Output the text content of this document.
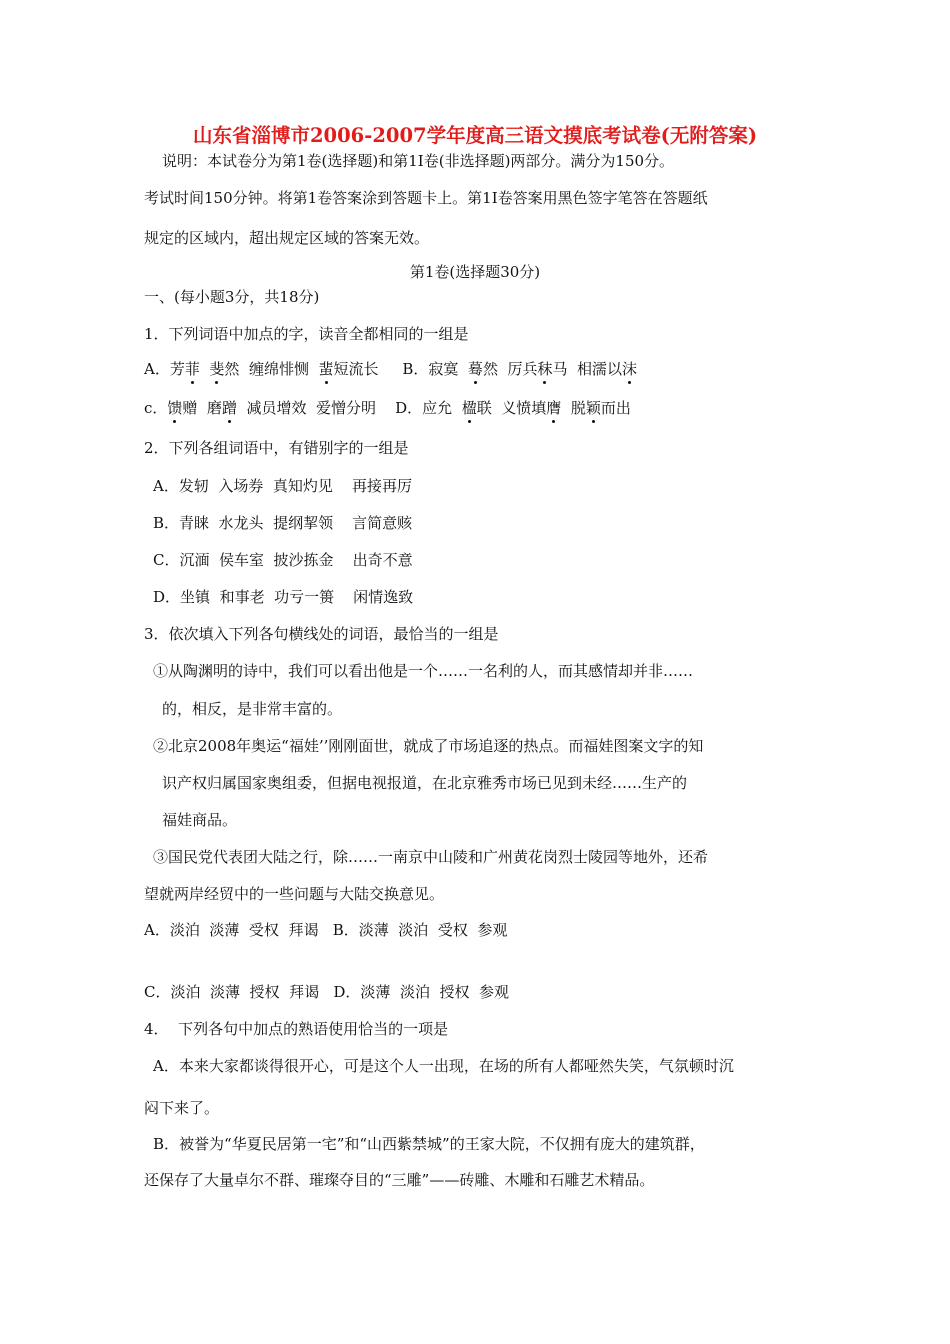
山东省淄博市2006-2007学年度高三语文摸底考试卷(无附答案)
说明：本试卷分为第1卷(选择题)和第1I卷(非选择题)两部分。满分为150分。
考试时间150分钟。将第1卷答案涂到答题卡上。第1I卷答案用黑色签字笔答在答题纸
规定的区域内，超出规定区域的答案无效。
第1卷(选择题30分)
一、(每小题3分，共18分)
1．下列词语中加点的字，读音全都相同的一组是
A．芳菲 斐然  缠绵悱恻  蜚短流长     B．寂寞  蓦然  厉兵秣马  相濡以沫
c．馈赠  磨蹭  减员增效  爱憎分明    D．应允  楹联  义愤填膺  脱颖而出
2．下列各组词语中，有错别字的一组是
A．发轫  入场券  真知灼见    再接再厉
B．青睐  水龙头  提纲挈领    言简意赅
C．沉湎  侯车室  披沙拣金    出奇不意
D．坐镇  和事老  功亏一篑    闲情逸致
3．依次填入下列各句横线处的词语，最恰当的一组是
①从陶渊明的诗中，我们可以看出他是一个……一名利的人，而其感情却并非……
的，相反，是非常丰富的。
②北京2008年奥运“福娃’’刚刚面世，就成了市场追逐的热点。而福娃图案文字的知
识产权归属国家奥组委，但据电视报道，在北京雅秀市场已见到未经……生产的
福娃商品。
③国民党代表团大陆之行，除……一南京中山陵和广州黄花岗烈士陵园等地外，还希
望就两岸经贸中的一些问题与大陆交换意见。
A．淡泊  淡薄  受权  拜谒   B．淡薄  淡泊  受权  参观
C．淡泊  淡薄  授权  拜谒   D．淡薄  淡泊  授权  参观
4．  下列各句中加点的熟语使用恰当的一项是
A．本来大家都谈得很开心，可是这个人一出现，在场的所有人都哑然失笑，气氛顿时沉
闷下来了。
B．被誉为“华夏民居第一宅”和“山西紫禁城”的王家大院，不仅拥有庞大的建筑群，
还保存了大量卓尔不群、璀璨夺目的“三雕”——砖雕、木雕和石雕艺术精品。
